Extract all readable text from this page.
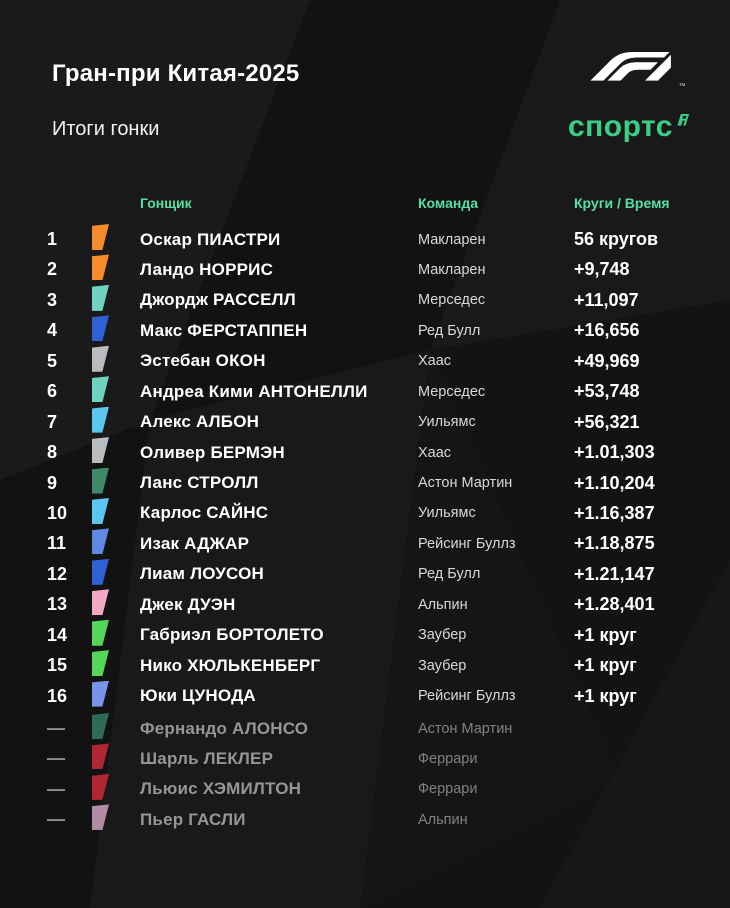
Гран-при Китая-2025
Итоги гонки
™
спортс
Гонщик	Команда	Круги / Время
1	Оскар ПИАСТРИ	Макларен	56 кругов
2	Ландо НОРРИС	Макларен	+9,748
3	Джордж РАССЕЛЛ	Мерседес	+11,097
4	Макс ФЕРСТАППЕН	Ред Булл	+16,656
5	Эстебан ОКОН	Хаас	+49,969
6	Андреа Кими АНТОНЕЛЛИ	Мерседес	+53,748
7	Алекс АЛБОН	Уильямс	+56,321
8	Оливер БЕРМЭН	Хаас	+1.01,303
9	Ланс СТРОЛЛ	Астон Мартин	+1.10,204
10	Карлос САЙНС	Уильямс	+1.16,387
11	Изак АДЖАР	Рейсинг Буллз	+1.18,875
12	Лиам ЛОУСОН	Ред Булл	+1.21,147
13	Джек ДУЭН	Альпин	+1.28,401
14	Габриэл БОРТОЛЕТО	Заубер	+1 круг
15	Нико ХЮЛЬКЕНБЕРГ	Заубер	+1 круг
16	Юки ЦУНОДА	Рейсинг Буллз	+1 круг
—	Фернандо АЛОНСО	Астон Мартин
—	Шарль ЛЕКЛЕР	Феррари
—	Льюис ХЭМИЛТОН	Феррари
—	Пьер ГАСЛИ	Альпин
